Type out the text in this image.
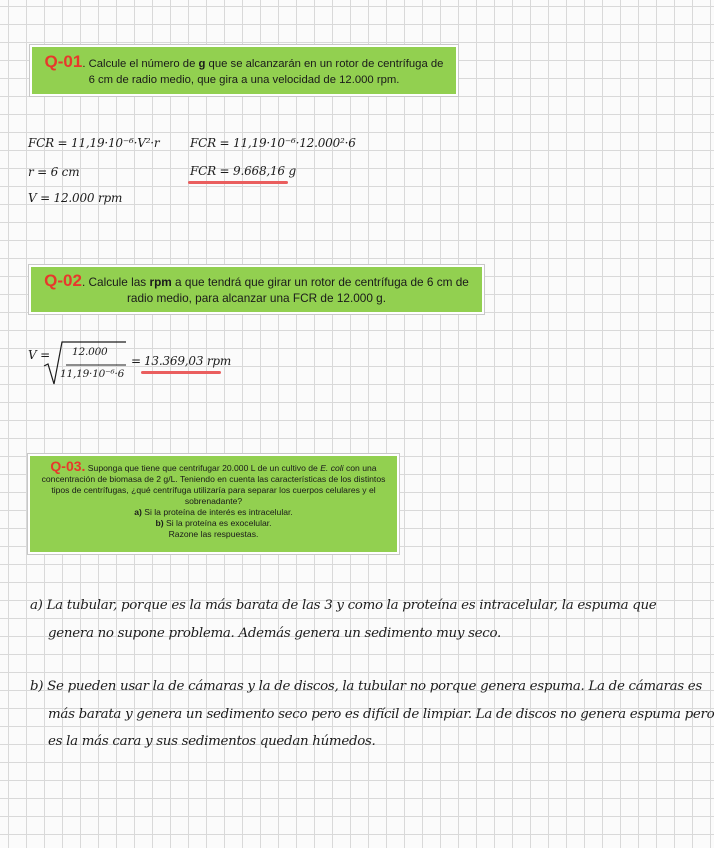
Q-01. Calcule el número de g que se alcanzarán en un rotor de centrífuga de 6 cm de radio medio, que gira a una velocidad de 12.000 rpm.
FCR = 11,19·10⁻⁶·V²·r
r = 6 cm
V = 12.000 rpm
FCR = 11,19·10⁻⁶·12.000²·6
FCR = 9.668,16 g
Q-02. Calcule las rpm a que tendrá que girar un rotor de centrífuga de 6 cm de radio medio, para alcanzar una FCR de 12.000 g.
V = 12.000
11,19·10⁻⁶·6
= 13.369,03 rpm
Q-03. Suponga que tiene que centrifugar 20.000 L de un cultivo de E. coli con una concentración de biomasa de 2 g/L. Teniendo en cuenta las características de los distintos tipos de centrífugas, ¿qué centrífuga utilizaría para separar los cuerpos celulares y el sobrenadante?
a) Si la proteína de interés es intracelular.
b) Si la proteína es exocelular.
Razone las respuestas.
a) La tubular, porque es la más barata de las 3 y como la proteína es intracelular, la espuma que
genera no supone problema. Además genera un sedimento muy seco.
b) Se pueden usar la de cámaras y la de discos, la tubular no porque genera espuma. La de cámaras es
más barata y genera un sedimento seco pero es difícil de limpiar. La de discos no genera espuma pero
es la más cara y sus sedimentos quedan húmedos.
